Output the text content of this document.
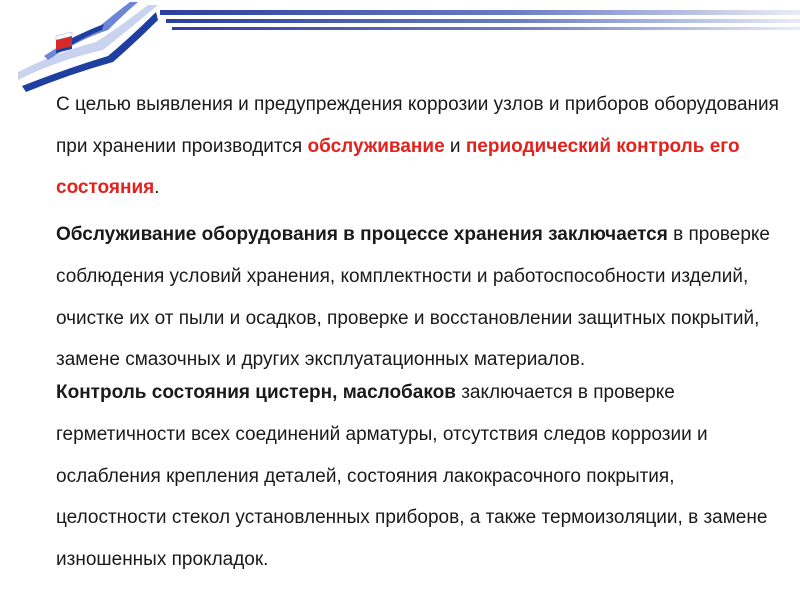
С целью выявления и предупреждения коррозии узлов и приборов оборудования при хранении производится обслуживание и периодический контроль его состояния.

Обслуживание оборудования в процессе хранения заключается в проверке соблюдения условий хранения, комплектности и работоспособности изделий, очистке их от пыли и осадков, проверке и восстановлении защитных покрытий, замене смазочных и других эксплуатационных материалов.

Контроль состояния цистерн, маслобаков заключается в проверке герметичности всех соединений арматуры, отсутствия следов коррозии и ослабления крепления деталей, состояния лакокрасочного покрытия, целостности стекол установленных приборов, а также термоизоляции, в замене изношенных прокладок.
